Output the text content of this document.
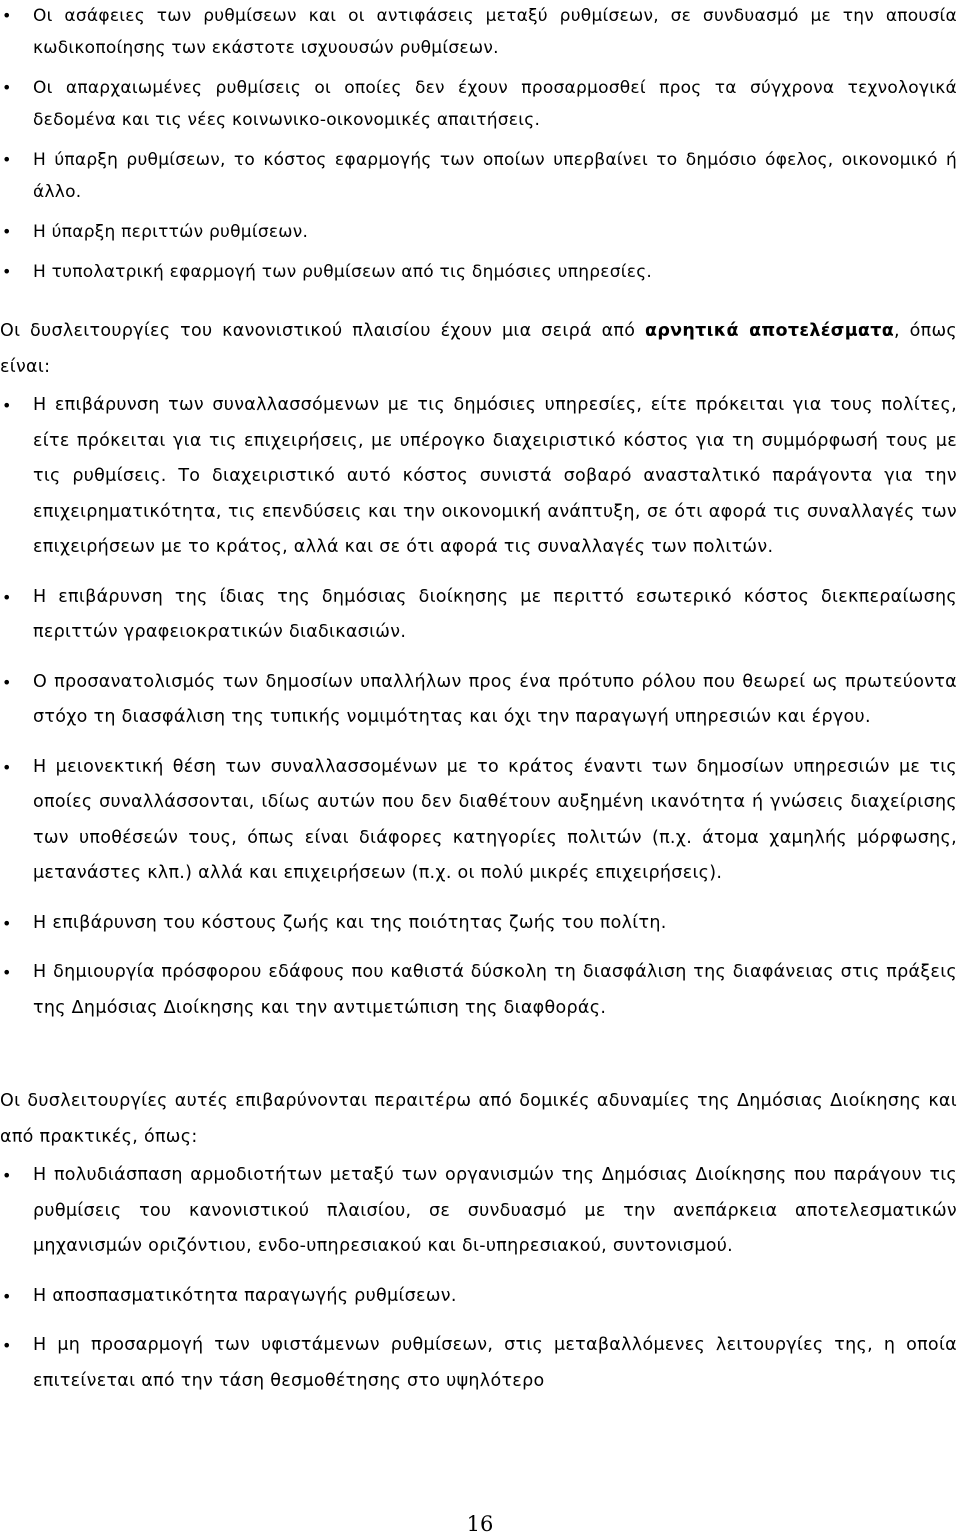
• Οι ασάφειες των ρυθμίσεων και οι αντιφάσεις μεταξύ ρυθμίσεων, σε συνδυασμό με την απουσία κωδικοποίησης των εκάστοτε ισχυουσών ρυθμίσεων.
• Οι απαρχαιωμένες ρυθμίσεις οι οποίες δεν έχουν προσαρμοσθεί προς τα σύγχρονα τεχνολογικά δεδομένα και τις νέες κοινωνικο-οικονομικές απαιτήσεις.
• Η ύπαρξη ρυθμίσεων, το κόστος εφαρμογής των οποίων υπερβαίνει το δημόσιο όφελος, οικονομικό ή άλλο.
• Η ύπαρξη περιττών ρυθμίσεων.
• Η τυπολατρική εφαρμογή των ρυθμίσεων από τις δημόσιες υπηρεσίες.

Οι δυσλειτουργίες του κανονιστικού πλαισίου έχουν μια σειρά από αρνητικά αποτελέσματα, όπως είναι:

• Η επιβάρυνση των συναλλασσόμενων με τις δημόσιες υπηρεσίες, είτε πρόκειται για τους πολίτες, είτε πρόκειται για τις επιχειρήσεις, με υπέρογκο διαχειριστικό κόστος για τη συμμόρφωσή τους με τις ρυθμίσεις. Το διαχειριστικό αυτό κόστος συνιστά σοβαρό ανασταλτικό παράγοντα για την επιχειρηματικότητα, τις επενδύσεις και την οικονομική ανάπτυξη, σε ότι αφορά τις συναλλαγές των επιχειρήσεων με το κράτος, αλλά και σε ότι αφορά τις συναλλαγές των πολιτών.
• Η επιβάρυνση της ίδιας της δημόσιας διοίκησης με περιττό εσωτερικό κόστος διεκπεραίωσης περιττών γραφειοκρατικών διαδικασιών.
• Ο προσανατολισμός των δημοσίων υπαλλήλων προς ένα πρότυπο ρόλου που θεωρεί ως πρωτεύοντα στόχο τη διασφάλιση της τυπικής νομιμότητας και όχι την παραγωγή υπηρεσιών και έργου.
• Η μειονεκτική θέση των συναλλασσομένων με το κράτος έναντι των δημοσίων υπηρεσιών με τις οποίες συναλλάσσονται, ιδίως αυτών που δεν διαθέτουν αυξημένη ικανότητα ή γνώσεις διαχείρισης των υποθέσεών τους, όπως είναι διάφορες κατηγορίες πολιτών (π.χ. άτομα χαμηλής μόρφωσης, μετανάστες κλπ.) αλλά και επιχειρήσεων (π.χ. οι πολύ μικρές επιχειρήσεις).
• Η επιβάρυνση του κόστους ζωής και της ποιότητας ζωής του πολίτη.
• Η δημιουργία πρόσφορου εδάφους που καθιστά δύσκολη τη διασφάλιση της διαφάνειας στις πράξεις της Δημόσιας Διοίκησης και την αντιμετώπιση της διαφθοράς.

Οι δυσλειτουργίες αυτές επιβαρύνονται περαιτέρω από δομικές αδυναμίες της Δημόσιας Διοίκησης και από πρακτικές, όπως:

• Η πολυδιάσπαση αρμοδιοτήτων μεταξύ των οργανισμών της Δημόσιας Διοίκησης που παράγουν τις ρυθμίσεις του κανονιστικού πλαισίου, σε συνδυασμό με την ανεπάρκεια αποτελεσματικών μηχανισμών οριζόντιου, ενδο-υπηρεσιακού και δι-υπηρεσιακού, συντονισμού.
• Η αποσπασματικότητα παραγωγής ρυθμίσεων.
• Η μη προσαρμογή των υφιστάμενων ρυθμίσεων, στις μεταβαλλόμενες λειτουργίες της, η οποία επιτείνεται από την τάση θεσμοθέτησης στο υψηλότερο
16
